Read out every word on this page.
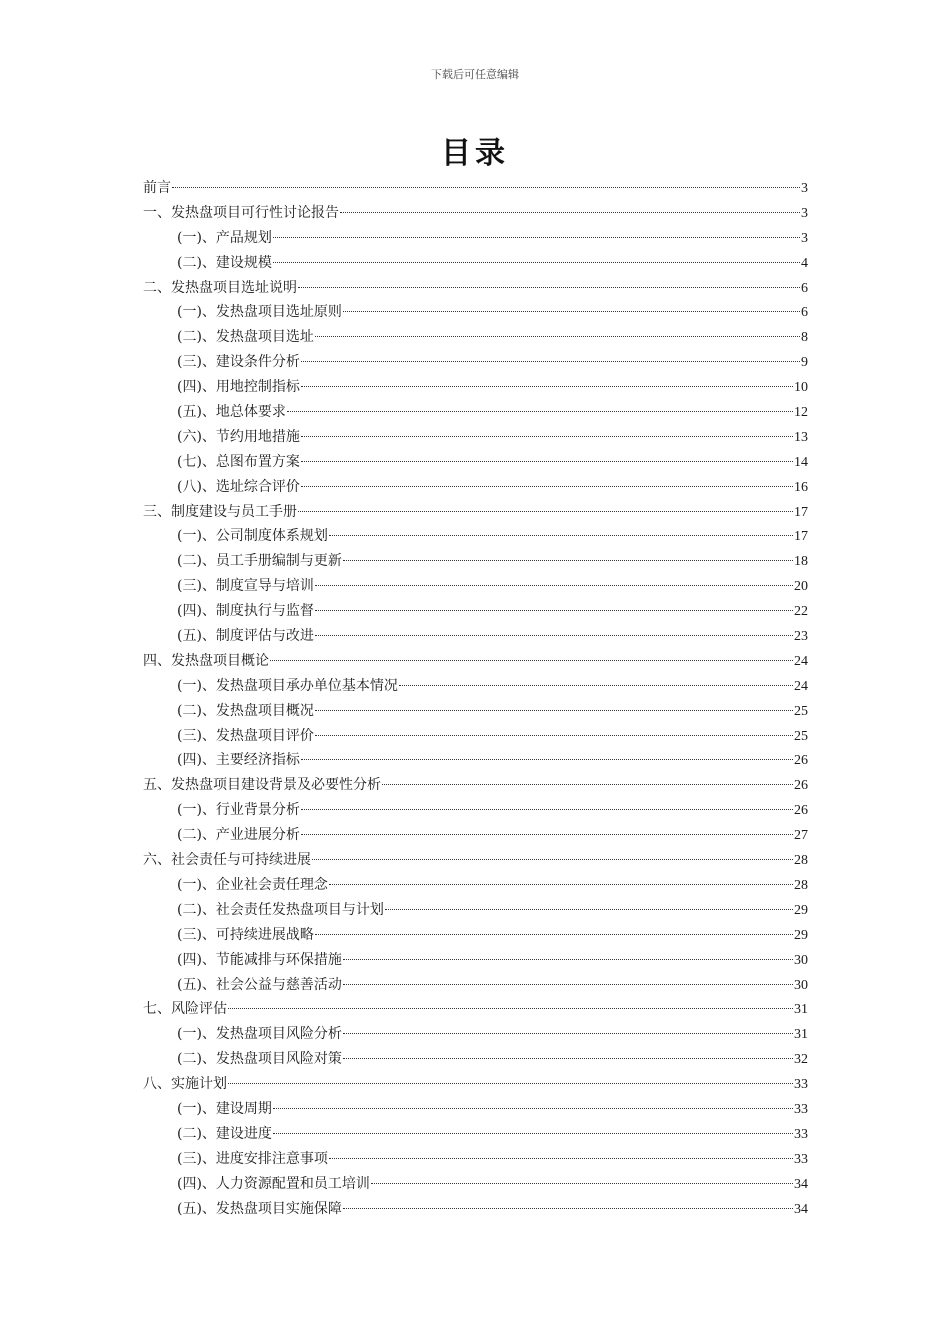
下载后可任意编辑
目录
前言	3
一、发热盘项目可行性讨论报告	3
(一)、产品规划	3
(二)、建设规模	4
二、发热盘项目选址说明	6
(一)、发热盘项目选址原则	6
(二)、发热盘项目选址	8
(三)、建设条件分析	9
(四)、用地控制指标	10
(五)、地总体要求	12
(六)、节约用地措施	13
(七)、总图布置方案	14
(八)、选址综合评价	16
三、制度建设与员工手册	17
(一)、公司制度体系规划	17
(二)、员工手册编制与更新	18
(三)、制度宣导与培训	20
(四)、制度执行与监督	22
(五)、制度评估与改进	23
四、发热盘项目概论	24
(一)、发热盘项目承办单位基本情况	24
(二)、发热盘项目概况	25
(三)、发热盘项目评价	25
(四)、主要经济指标	26
五、发热盘项目建设背景及必要性分析	26
(一)、行业背景分析	26
(二)、产业进展分析	27
六、社会责任与可持续进展	28
(一)、企业社会责任理念	28
(二)、社会责任发热盘项目与计划	29
(三)、可持续进展战略	29
(四)、节能减排与环保措施	30
(五)、社会公益与慈善活动	30
七、风险评估	31
(一)、发热盘项目风险分析	31
(二)、发热盘项目风险对策	32
八、实施计划	33
(一)、建设周期	33
(二)、建设进度	33
(三)、进度安排注意事项	33
(四)、人力资源配置和员工培训	34
(五)、发热盘项目实施保障	34
